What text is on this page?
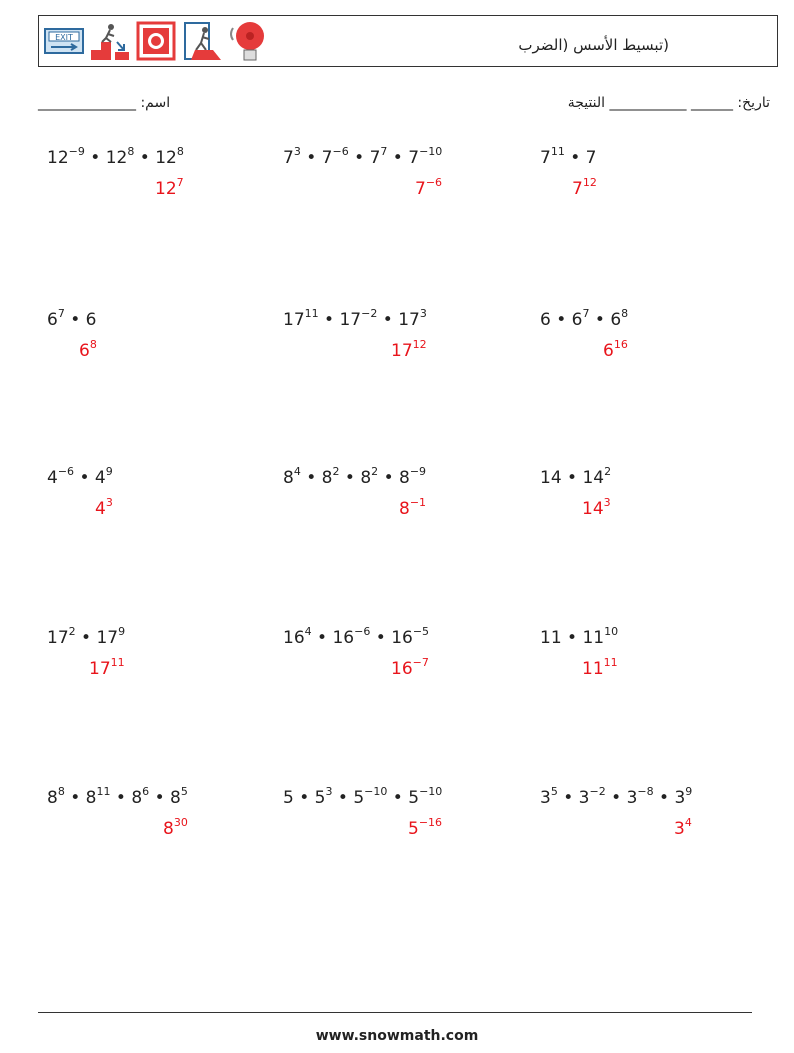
EXIT	(تبسيط الأسس (الضرب
______________ اسم:	تاريخ: ______ ___________ النتيجة
$12^{-9}$ • $12^8$ • $12^8$
$12^7$
$7^3$ • $7^{-6}$ • $7^7$ • $7^{-10}$
$7^{-6}$
$7^{11}$ • 7
$7^{12}$
$6^7$ • 6
$6^8$
$17^{11}$ • $17^{-2}$ • $17^3$
$17^{12}$
6 • $6^7$ • $6^8$
$6^{16}$
$4^{-6}$ • $4^9$
$4^3$
$8^4$ • $8^2$ • $8^2$ • $8^{-9}$
$8^{-1}$
14 • $14^2$
$14^3$
$17^2$ • $17^9$
$17^{11}$
$16^4$ • $16^{-6}$ • $16^{-5}$
$16^{-7}$
11 • $11^{10}$
$11^{11}$
$8^8$ • $8^{11}$ • $8^6$ • $8^5$
$8^{30}$
5 • $5^3$ • $5^{-10}$ • $5^{-10}$
$5^{-16}$
$3^5$ • $3^{-2}$ • $3^{-8}$ • $3^9$
$3^4$
www.snowmath.com
